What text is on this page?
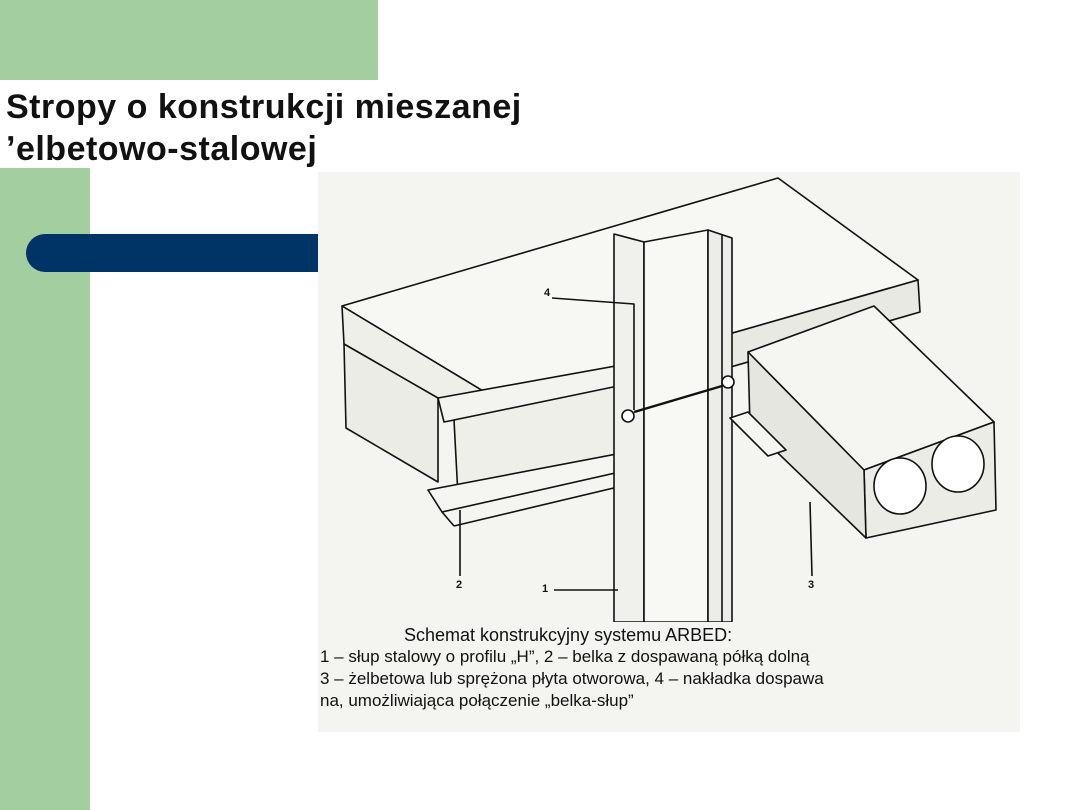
Stropy o konstrukcji mieszanej
ʼelbetowo-stalowej
4
2	1	3
Schemat konstrukcyjny systemu ARBED:
1 – słup stalowy o profilu „H”, 2 – belka z dospawaną półką dolną
3 – żelbetowa lub sprężona płyta otworowa, 4 – nakładka dospawa
na, umożliwiająca połączenie „belka-słup”
